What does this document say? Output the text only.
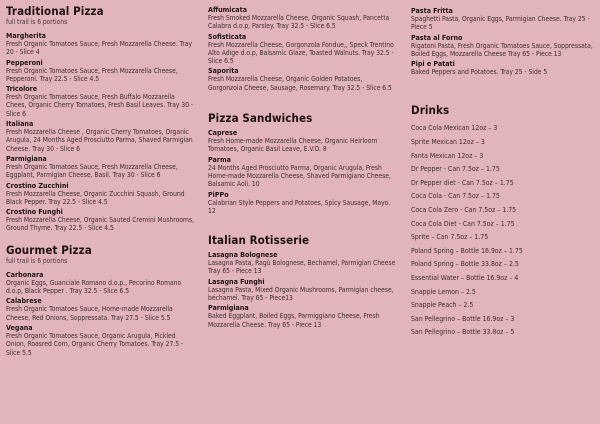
Traditional Pizza
full trail is 6 portions
Margherita
Fresh Organic Tomatoes Sauce, Fresh Mozzarella Cheese. Tray 20 - Slice 4
Pepperoni
Fresh Organic Tomatoes Sauce, Fresh Mozzarella Cheese, Pepperoni. Tray 22.5 - Slice 4.5
Tricolore
Fresh Organic Tomatoes Sauce, Fresh Buffalo Mozzarella Chees, Organic Cherry Tomatoes, Fresh Basil Leaves. Tray 30 - Slice 6
Italiana
Fresh Mozzarella Cheese , Organic Cherry Tomatoes, Organic Arugula, 24 Months Aged Prosciutto Parma, Shaved Parmigian Cheese. Tray 30 - Slice 6
Parmigiana
Fresh Organic Tomatoes Sauce, Fresh Mozzarella Cheese, Eggplant, Parmigian Cheese, Basil. Tray 30 - Slice 6
Crostino Zucchini
Fresh Mozzarella Cheese, Organic Zucchini Squash, Ground Black Pepper. Tray 22.5 - Slice 4.5
Crostino Funghi
Fresh Mozzarella Cheese, Organic Sauted Cremini Mushrooms, Ground Thyme. Tray 22.5 - Slice 4.5
Gourmet Pizza
full trail is 6 portions
Carbonara
Organic Eggs, Guanciale Romano d.o.p., Pecorino Romano d.o.p, Black Pepper . Tray 32.5 - Slice 6.5
Calabrese
Fresh Organic Tomatoes Sauce, Home-made Mozzarella Cheese, Red Onions, Soppressata. Tray 27.5 - Slice 5.5
Vegana
Fresh Organic Tomatoes Sauce, Organic Arugula, Pickled Onion, Roasred Corn, Organic Cherry Tomatoes. Tray 27.5 - Slice 5.5
Affumicata
Fresh Smoked Mozzarella Cheese, Organic Squash, Pancetta Calabra d.o.p, Parsley. Tray 32.5 - Slice 6.5
Sofisticata
Fresh Mozzarella Cheese, Gorgonzola Fondue,, Speck Trentino Alto Adige d.o.p, Balsamic Glaze, Toasted Walnuts. Tray 32.5 - Slice 6.5
Saporita
Fresh Mozzarella Cheese, Organic Golden Potatoes, Gorgonzola Cheese, Sausage, Rosemary. Tray 32.5 - Slice 6.5
Pizza Sandwiches
Caprese
Fresh Home-made Mozzarella Cheese, Organic Heirloom Tomatoes, Organic Basil Leave, E.V.O. 8
Parma
24 Months Aged Prosciutto Parma, Organic Arugula, Fresh Home-made Mozzarella Cheese, Shaved Parmigiano Cheese, Balsamic Aoli. 10
PiPPo
Calabrian Style Peppers and Potatoes, Spicy Sausage, Mayo. 12
Italian Rotisserie
Lasagna Bolognese
Lasagna Pasta, Ragù Bolognese, Bechamel, Parmigian Cheese Tray 65 - Piece 13
Lasagna Funghi
Lasagna Pasta, Mixed Organic Mushrooms, Parmigian cheese, béchamel. Tray 65 - Piece13
Parmigiana
Baked Eggplant, Boiled Eggs, Parmiggiano Cheese, Fresh Mozzarella Cheese. Tray 65 - Piece 13
Pasta Fritta
Spaghetti Pasta, Organic Eggs, Parmigian Cheese. Tray 25 - Piece 5
Pasta al Forno
Rigatoni Pasta, Fresh Organic Tomatoes Sauce, Soppressata, Boiled Eggs, Mozzarella Cheese Tray 65 - Piece 13
Pipi e Patati
Baked Peppers and Potatoes. Tray 25 - Side 5
Drinks
Coca Cola Mexican 12oz – 3
Sprite Mexican 12oz – 3
Fanta Mexican 12oz – 3
Dr Pepper - Can 7.5oz – 1.75
Dr Pepper diet - Can 7.5oz – 1.75
Coca Cola - Can 7.5oz – 1.75
Coca Cola Zero - Can 7.5oz – 1.75
Coca Cola Diet - Can 7.5oz – 1.75
Sprite – Can 7.5oz – 1.75
Poland Spring – Bottle 16.9oz – 1.75
Poland Spring – Bottle 33.8oz – 2.5
Essential Water – Bottle 16.9oz – 4
Snapple Lemon – 2.5
Snapple Peach – 2.5
San Pellegrino – Bottle 16.9oz – 3
San Pellegrino – Bottle 33.8oz – 5
